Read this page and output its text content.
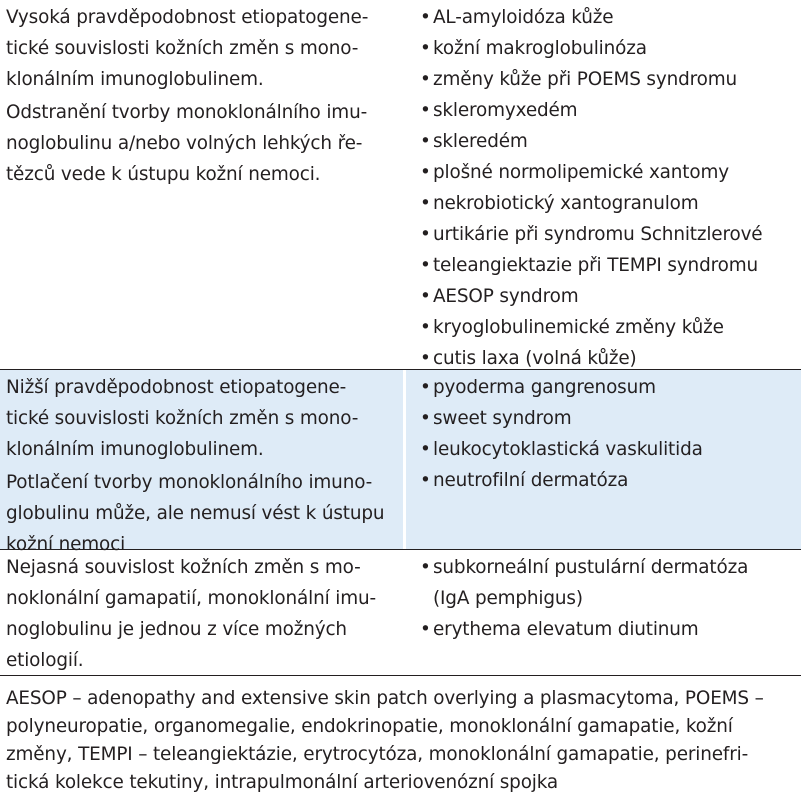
Vysoká pravděpodobnost etiopatogene-
tické souvislosti kožních změn s mono-
klonálním imunoglobulinem.

Odstranění tvorby monoklonálního imu-
noglobulinu a/nebo volných lehkých ře-
tězců vede k ústupu kožní nemoci.

• AL-amyloidóza kůže
• kožní makroglobulinóza
• změny kůže při POEMS syndromu
• skleromyxedém
• skleredém
• plošné normolipemické xantomy
• nekrobiotický xantogranulom
• urtikárie při syndromu Schnitzlerové
• teleangiektazie při TEMPI syndromu
• AESOP syndrom
• kryoglobulinemické změny kůže
• cutis laxa (volná kůže)

Nižší pravděpodobnost etiopatogene-
tické souvislosti kožních změn s mono-
klonálním imunoglobulinem.

Potlačení tvorby monoklonálního imuno-
globulinu může, ale nemusí vést k ústupu
kožní nemoci

• pyoderma gangrenosum
• sweet syndrom
• leukocytoklastická vaskulitida
• neutrofilní dermatóza

Nejasná souvislost kožních změn s mo-
noklonální gamapatií, monoklonální imu-
noglobulinu je jednou z více možných
etiologií.

• subkorneální pustulární dermatóza
(IgA pemphigus)
• erythema elevatum diutinum
AESOP – adenopathy and extensive skin patch overlying a plasmacytoma, POEMS –
polyneuropatie, organomegalie, endokrinopatie, monoklonální gamapatie, kožní
změny, TEMPI – teleangiektázie, erytrocytóza, monoklonální gamapatie, perinefri-
tická kolekce tekutiny, intrapulmonální arteriovenózní spojka
